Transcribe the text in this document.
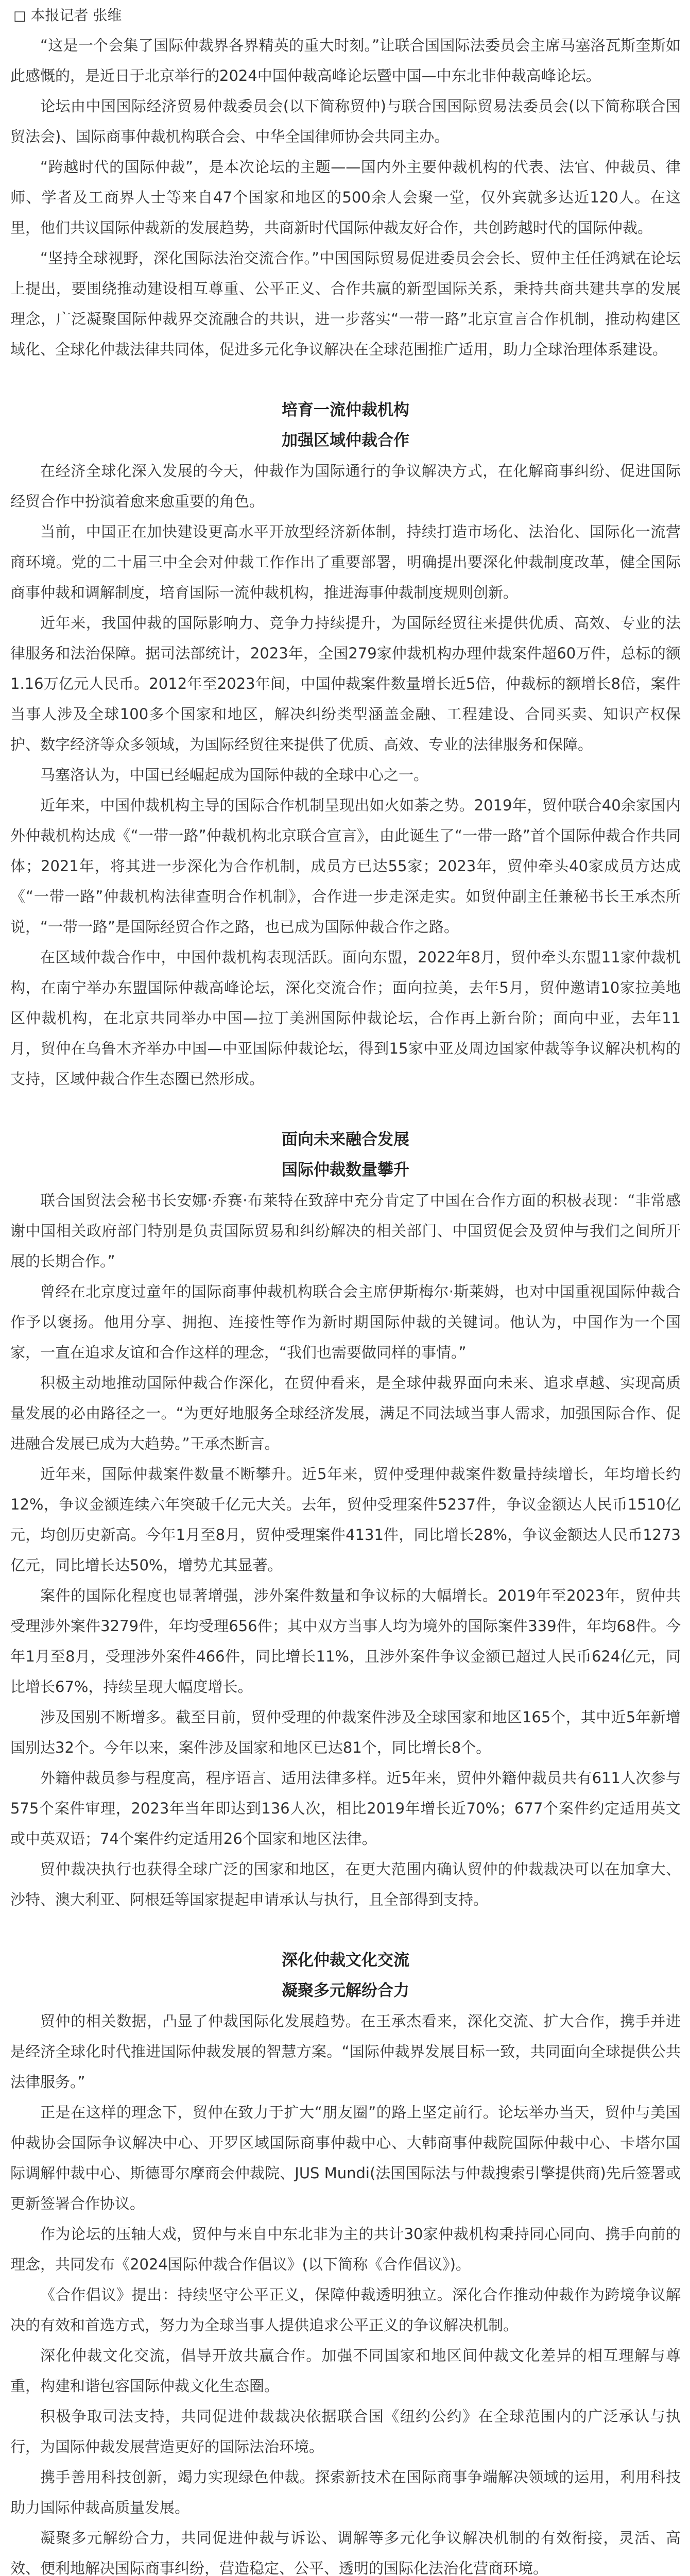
□ 本报记者 张维

“这是一个会集了国际仲裁界各界精英的重大时刻。”让联合国国际法委员会主席马塞洛瓦斯奎斯如此感慨的，是近日于北京举行的2024中国仲裁高峰论坛暨中国—中东北非仲裁高峰论坛。

论坛由中国国际经济贸易仲裁委员会(以下简称贸仲)与联合国国际贸易法委员会(以下简称联合国贸法会)、国际商事仲裁机构联合会、中华全国律师协会共同主办。

“跨越时代的国际仲裁”，是本次论坛的主题——国内外主要仲裁机构的代表、法官、仲裁员、律师、学者及工商界人士等来自47个国家和地区的500余人会聚一堂，仅外宾就多达近120人。在这里，他们共议国际仲裁新的发展趋势，共商新时代国际仲裁友好合作，共创跨越时代的国际仲裁。

“坚持全球视野，深化国际法治交流合作。”中国国际贸易促进委员会会长、贸仲主任任鸿斌在论坛上提出，要围绕推动建设相互尊重、公平正义、合作共赢的新型国际关系，秉持共商共建共享的发展理念，广泛凝聚国际仲裁界交流融合的共识，进一步落实“一带一路”北京宣言合作机制，推动构建区域化、全球化仲裁法律共同体，促进多元化争议解决在全球范围推广适用，助力全球治理体系建设。

培育一流仲裁机构
加强区域仲裁合作

在经济全球化深入发展的今天，仲裁作为国际通行的争议解决方式，在化解商事纠纷、促进国际经贸合作中扮演着愈来愈重要的角色。

当前，中国正在加快建设更高水平开放型经济新体制，持续打造市场化、法治化、国际化一流营商环境。党的二十届三中全会对仲裁工作作出了重要部署，明确提出要深化仲裁制度改革，健全国际商事仲裁和调解制度，培育国际一流仲裁机构，推进海事仲裁制度规则创新。

近年来，我国仲裁的国际影响力、竞争力持续提升，为国际经贸往来提供优质、高效、专业的法律服务和法治保障。据司法部统计，2023年，全国279家仲裁机构办理仲裁案件超60万件，总标的额1.16万亿元人民币。2012年至2023年间，中国仲裁案件数量增长近5倍，仲裁标的额增长8倍，案件当事人涉及全球100多个国家和地区，解决纠纷类型涵盖金融、工程建设、合同买卖、知识产权保护、数字经济等众多领域，为国际经贸往来提供了优质、高效、专业的法律服务和保障。

马塞洛认为，中国已经崛起成为国际仲裁的全球中心之一。

近年来，中国仲裁机构主导的国际合作机制呈现出如火如荼之势。2019年，贸仲联合40余家国内外仲裁机构达成《“一带一路”仲裁机构北京联合宣言》，由此诞生了“一带一路”首个国际仲裁合作共同体；2021年，将其进一步深化为合作机制，成员方已达55家；2023年，贸仲牵头40家成员方达成《“一带一路”仲裁机构法律查明合作机制》，合作进一步走深走实。如贸仲副主任兼秘书长王承杰所说，“一带一路”是国际经贸合作之路，也已成为国际仲裁合作之路。

在区域仲裁合作中，中国仲裁机构表现活跃。面向东盟，2022年8月，贸仲牵头东盟11家仲裁机构，在南宁举办东盟国际仲裁高峰论坛，深化交流合作；面向拉美，去年5月，贸仲邀请10家拉美地区仲裁机构，在北京共同举办中国—拉丁美洲国际仲裁论坛，合作再上新台阶；面向中亚，去年11月，贸仲在乌鲁木齐举办中国—中亚国际仲裁论坛，得到15家中亚及周边国家仲裁等争议解决机构的支持，区域仲裁合作生态圈已然形成。

面向未来融合发展
国际仲裁数量攀升

联合国贸法会秘书长安娜·乔赛·布莱特在致辞中充分肯定了中国在合作方面的积极表现：“非常感谢中国相关政府部门特别是负责国际贸易和纠纷解决的相关部门、中国贸促会及贸仲与我们之间所开展的长期合作。”

曾经在北京度过童年的国际商事仲裁机构联合会主席伊斯梅尔·斯莱姆，也对中国重视国际仲裁合作予以褒扬。他用分享、拥抱、连接性等作为新时期国际仲裁的关键词。他认为，中国作为一个国家，一直在追求友谊和合作这样的理念，“我们也需要做同样的事情。”

积极主动地推动国际仲裁合作深化，在贸仲看来，是全球仲裁界面向未来、追求卓越、实现高质量发展的必由路径之一。“为更好地服务全球经济发展，满足不同法域当事人需求，加强国际合作、促进融合发展已成为大趋势。”王承杰断言。

近年来，国际仲裁案件数量不断攀升。近5年来，贸仲受理仲裁案件数量持续增长，年均增长约12%，争议金额连续六年突破千亿元大关。去年，贸仲受理案件5237件，争议金额达人民币1510亿元，均创历史新高。今年1月至8月，贸仲受理案件4131件，同比增长28%，争议金额达人民币1273亿元，同比增长达50%，增势尤其显著。

案件的国际化程度也显著增强，涉外案件数量和争议标的大幅增长。2019年至2023年，贸仲共受理涉外案件3279件，年均受理656件；其中双方当事人均为境外的国际案件339件，年均68件。今年1月至8月，受理涉外案件466件，同比增长11%，且涉外案件争议金额已超过人民币624亿元，同比增长67%，持续呈现大幅度增长。

涉及国别不断增多。截至目前，贸仲受理的仲裁案件涉及全球国家和地区165个，其中近5年新增国别达32个。今年以来，案件涉及国家和地区已达81个，同比增长8个。

外籍仲裁员参与程度高，程序语言、适用法律多样。近5年来，贸仲外籍仲裁员共有611人次参与575个案件审理，2023年当年即达到136人次，相比2019年增长近70%；677个案件约定适用英文或中英双语；74个案件约定适用26个国家和地区法律。

贸仲裁决执行也获得全球广泛的国家和地区，在更大范围内确认贸仲的仲裁裁决可以在加拿大、沙特、澳大利亚、阿根廷等国家提起申请承认与执行，且全部得到支持。

深化仲裁文化交流
凝聚多元解纷合力

贸仲的相关数据，凸显了仲裁国际化发展趋势。在王承杰看来，深化交流、扩大合作，携手并进是经济全球化时代推进国际仲裁发展的智慧方案。“国际仲裁界发展目标一致，共同面向全球提供公共法律服务。”

正是在这样的理念下，贸仲在致力于扩大“朋友圈”的路上坚定前行。论坛举办当天，贸仲与美国仲裁协会国际争议解决中心、开罗区域国际商事仲裁中心、大韩商事仲裁院国际仲裁中心、卡塔尔国际调解仲裁中心、斯德哥尔摩商会仲裁院、JUS Mundi(法国国际法与仲裁搜索引擎提供商)先后签署或更新签署合作协议。

作为论坛的压轴大戏，贸仲与来自中东北非为主的共计30家仲裁机构秉持同心同向、携手向前的理念，共同发布《2024国际仲裁合作倡议》(以下简称《合作倡议》)。

《合作倡议》提出：持续坚守公平正义，保障仲裁透明独立。深化合作推动仲裁作为跨境争议解决的有效和首选方式，努力为全球当事人提供追求公平正义的争议解决机制。

深化仲裁文化交流，倡导开放共赢合作。加强不同国家和地区间仲裁文化差异的相互理解与尊重，构建和谐包容国际仲裁文化生态圈。

积极争取司法支持，共同促进仲裁裁决依据联合国《纽约公约》在全球范围内的广泛承认与执行，为国际仲裁发展营造更好的国际法治环境。

携手善用科技创新，竭力实现绿色仲裁。探索新技术在国际商事争端解决领域的运用，利用科技助力国际仲裁高质量发展。

凝聚多元解纷合力，共同促进仲裁与诉讼、调解等多元化争议解决机制的有效衔接，灵活、高效、便利地解决国际商事纠纷，营造稳定、公平、透明的国际化法治化营商环境。
